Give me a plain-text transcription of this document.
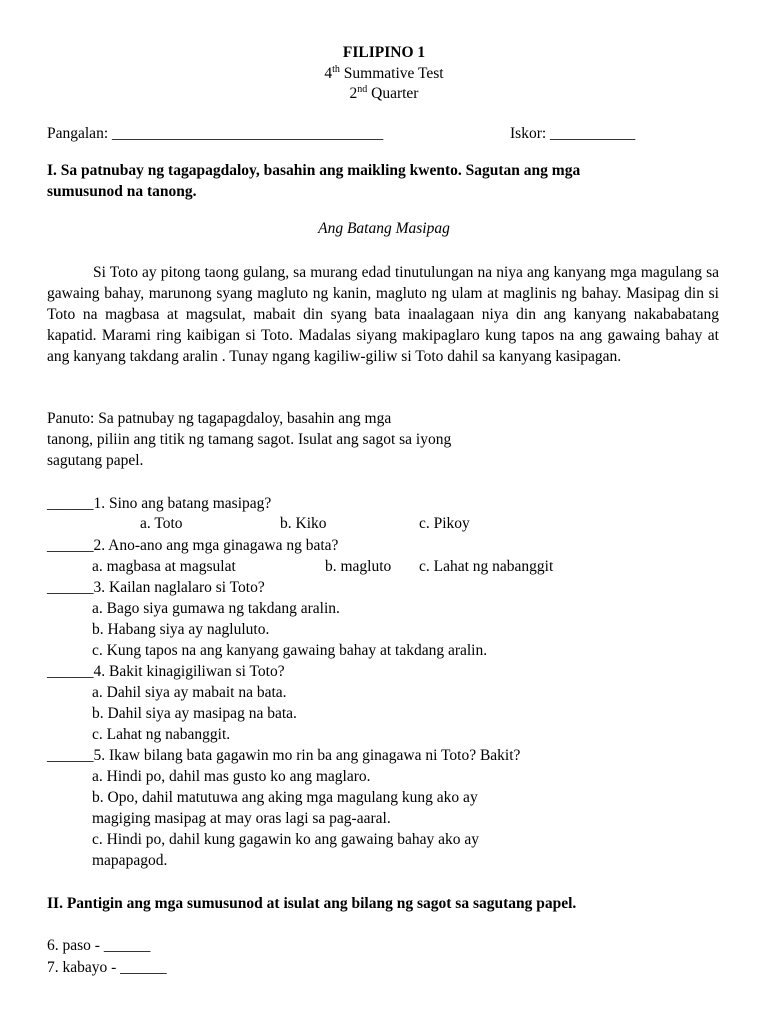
FILIPINO 1
4th Summative Test
2nd Quarter
Pangalan: ___________________________________	Iskor: ___________
I. Sa patnubay ng tagapagdaloy, basahin ang maikling kwento. Sagutan ang mga
sumusunod na tanong.
Ang Batang Masipag

Si Toto ay pitong taong gulang, sa murang edad tinutulungan na niya ang kanyang mga magulang sa gawaing bahay, marunong syang magluto ng kanin, magluto ng ulam at maglinis ng bahay. Masipag din si Toto na magbasa at magsulat, mabait din syang bata inaalagaan niya din ang kanyang nakababatang kapatid. Marami ring kaibigan si Toto. Madalas siyang makipaglaro kung tapos na ang gawaing bahay at ang kanyang takdang aralin . Tunay ngang kagiliw-giliw si Toto dahil sa kanyang kasipagan.

Panuto: Sa patnubay ng tagapagdaloy, basahin ang mga
tanong, piliin ang titik ng tamang sagot. Isulat ang sagot sa iyong
sagutang papel.
______1. Sino ang batang masipag?
a. Toto	b. Kiko	c. Pikoy
______2. Ano-ano ang mga ginagawa ng bata?
a. magbasa at magsulat	b. magluto c. Lahat ng nabanggit
______3. Kailan naglalaro si Toto?
a. Bago siya gumawa ng takdang aralin.
b. Habang siya ay nagluluto.
c. Kung tapos na ang kanyang gawaing bahay at takdang aralin.
______4. Bakit kinagigiliwan si Toto?
a. Dahil siya ay mabait na bata.
b. Dahil siya ay masipag na bata.
c. Lahat ng nabanggit.
______5. Ikaw bilang bata gagawin mo rin ba ang ginagawa ni Toto? Bakit?
a. Hindi po, dahil mas gusto ko ang maglaro.
b. Opo, dahil matutuwa ang aking mga magulang kung ako ay
magiging masipag at may oras lagi sa pag-aaral.
c. Hindi po, dahil kung gagawin ko ang gawaing bahay ako ay
mapapagod.
II. Pantigin ang mga sumusunod at isulat ang bilang ng sagot sa sagutang papel.
6. paso - ______
7. kabayo - ______
